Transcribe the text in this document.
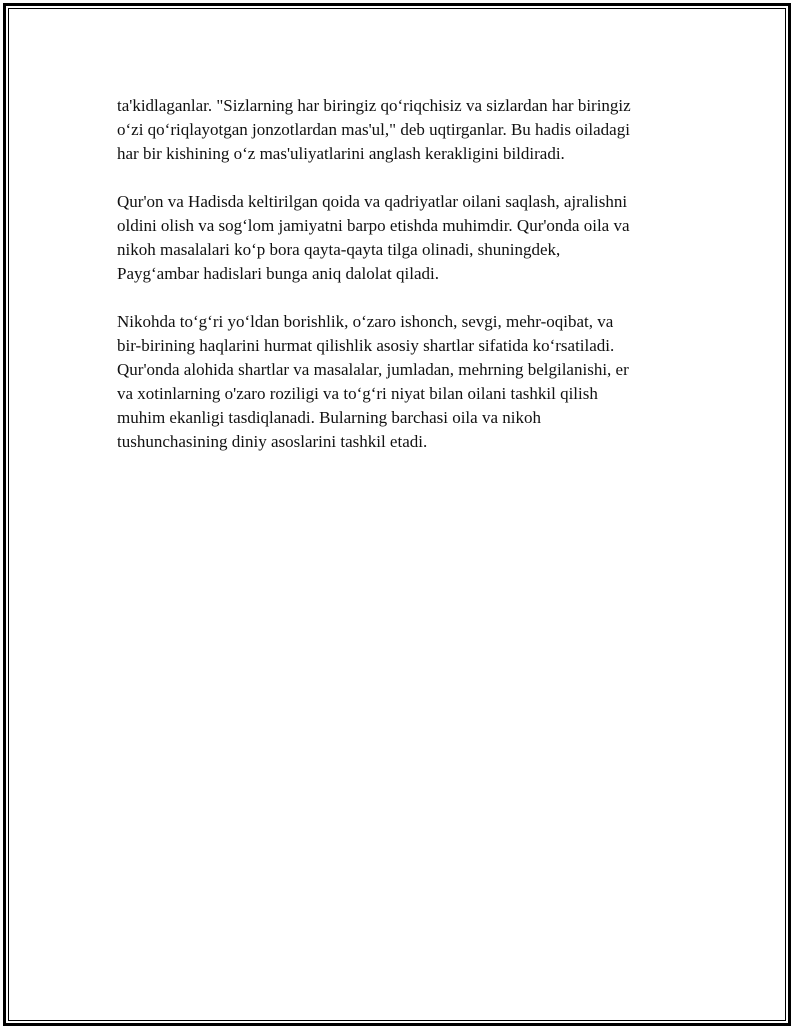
ta'kidlaganlar. "Sizlarning har biringiz qo‘riqchisiz va sizlardan har biringiz
o‘zi qo‘riqlayotgan jonzotlardan mas'ul," deb uqtirganlar. Bu hadis oiladagi
har bir kishining o‘z mas'uliyatlarini anglash kerakligini bildiradi.

Qur'on va Hadisda keltirilgan qoida va qadriyatlar oilani saqlash, ajralishni
oldini olish va sog‘lom jamiyatni barpo etishda muhimdir. Qur'onda oila va
nikoh masalalari ko‘p bora qayta-qayta tilga olinadi, shuningdek,
Payg‘ambar hadislari bunga aniq dalolat qiladi.

Nikohda to‘g‘ri yo‘ldan borishlik, o‘zaro ishonch, sevgi, mehr-oqibat, va
bir-birining haqlarini hurmat qilishlik asosiy shartlar sifatida ko‘rsatiladi.
Qur'onda alohida shartlar va masalalar, jumladan, mehrning belgilanishi, er
va xotinlarning o'zaro roziligi va to‘g‘ri niyat bilan oilani tashkil qilish
muhim ekanligi tasdiqlanadi. Bularning barchasi oila va nikoh
tushunchasining diniy asoslarini tashkil etadi.
